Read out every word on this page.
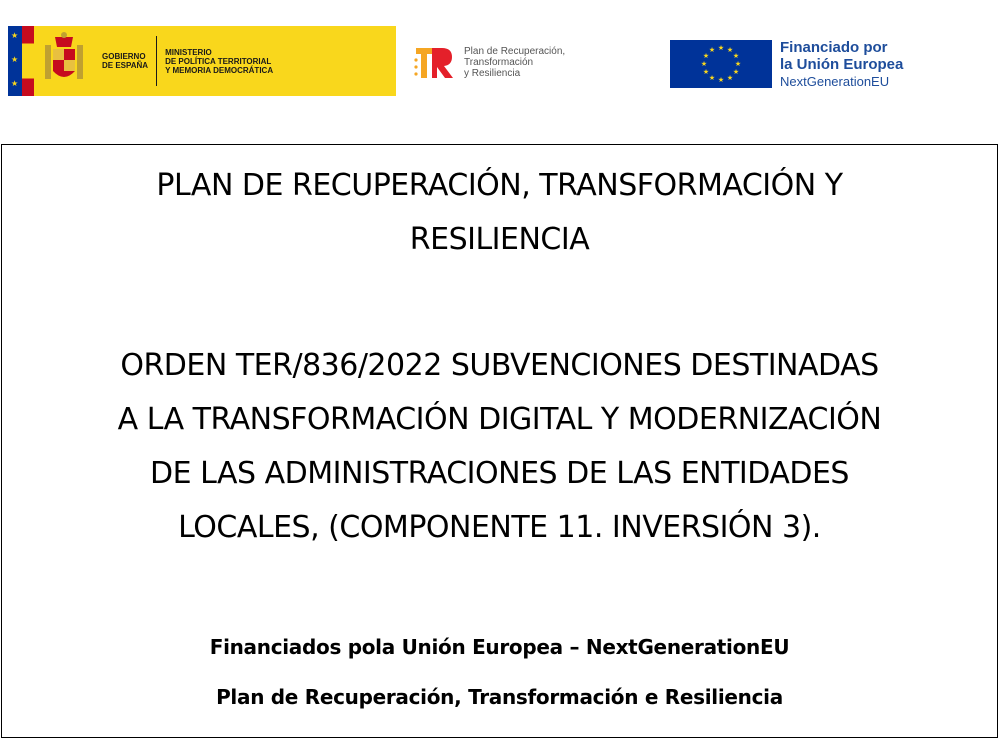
★
★
★
GOBIERNO
DE ESPAÑA
MINISTERIO
DE POLÍTICA TERRITORIAL
Y MEMORIA DEMOCRÁTICA
Plan de Recuperación,
Transformación
y Resiliencia
★ ★
★
★
★
★
★
★
★
★
★
★	Financiado por
la Unión Europea
NextGenerationEU
PLAN DE RECUPERACIÓN, TRANSFORMACIÓN Y
RESILIENCIA
ORDEN TER/836/2022 SUBVENCIONES DESTINADAS
A LA TRANSFORMACIÓN DIGITAL Y MODERNIZACIÓN
DE LAS ADMINISTRACIONES DE LAS ENTIDADES
LOCALES, (COMPONENTE 11. INVERSIÓN 3).
Financiados pola Unión Europea – NextGenerationEU
Plan de Recuperación, Transformación e Resiliencia
